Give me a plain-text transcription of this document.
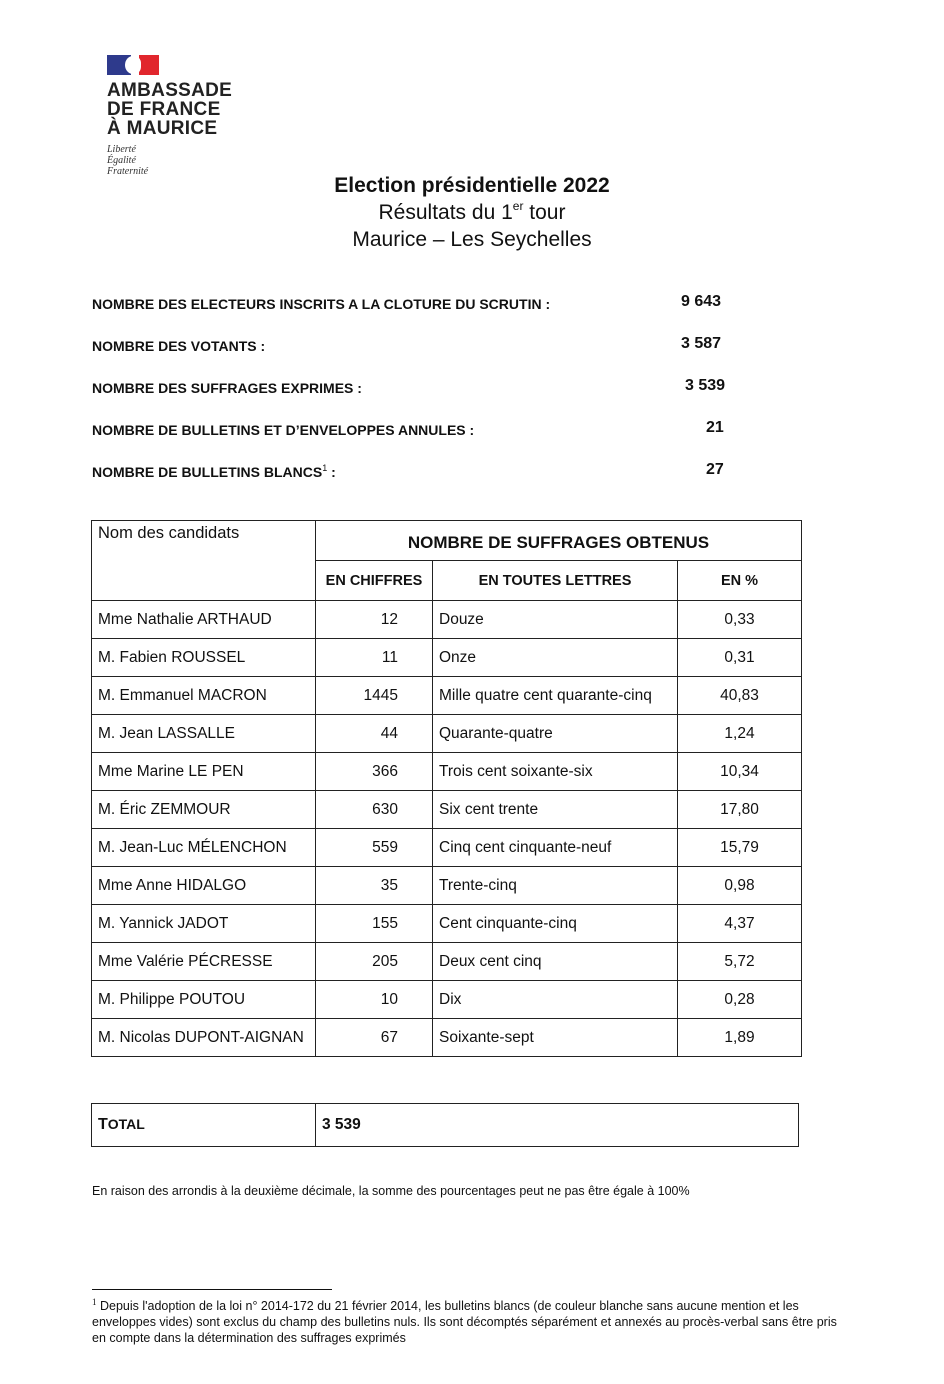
AMBASSADE
DE FRANCE
À MAURICE
Liberté
Égalité
Fraternité
Election présidentielle 2022
Résultats du 1er tour
Maurice – Les Seychelles
NOMBRE DES ELECTEURS INSCRITS A LA CLOTURE DU SCRUTIN :	9 643
NOMBRE DES VOTANTS :	3 587
NOMBRE DES SUFFRAGES EXPRIMES :	3 539
NOMBRE DE BULLETINS ET D’ENVELOPPES ANNULES :	21
NOMBRE DE BULLETINS BLANCS$^1$ :	27
Nom des candidats	NOMBRE DE SUFFRAGES OBTENUS		
	EN CHIFFRES	EN TOUTES LETTRES	EN %
Mme Nathalie ARTHAUD	12	Douze	0,33
M. Fabien ROUSSEL	11	Onze	0,31
M. Emmanuel MACRON	1445	Mille quatre cent quarante-cinq	40,83
M. Jean LASSALLE	44	Quarante-quatre	1,24
Mme Marine LE PEN	366	Trois cent soixante-six	10,34
M. Éric ZEMMOUR	630	Six cent trente	17,80
M. Jean-Luc MÉLENCHON	559	Cinq cent cinquante-neuf	15,79
Mme Anne HIDALGO	35	Trente-cinq	0,98
M. Yannick JADOT	155	Cent cinquante-cinq	4,37
Mme Valérie PÉCRESSE	205	Deux cent cinq	5,72
M. Philippe POUTOU	10	Dix	0,28
M. Nicolas DUPONT-AIGNAN	67	Soixante-sept	1,89
TOTAL	3 539
En raison des arrondis à la deuxième décimale, la somme des pourcentages peut ne pas être égale à 100%
$^1$ Depuis l'adoption de la loi n° 2014-172 du 21 février 2014, les bulletins blancs (de couleur blanche sans aucune mention et les enveloppes vides) sont exclus du champ des bulletins nuls. Ils sont décomptés séparément et annexés au procès-verbal sans être pris en compte dans la détermination des suffrages exprimés
